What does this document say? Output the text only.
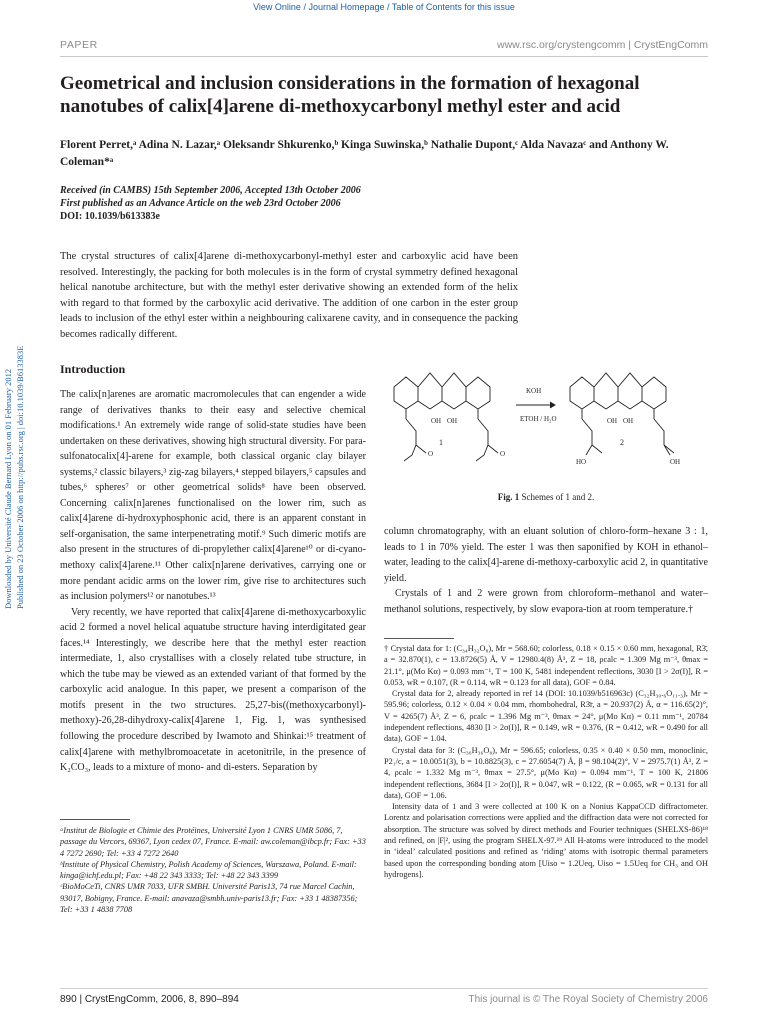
View Online / Journal Homepage / Table of Contents for this issue
PAPER	www.rsc.org/crystengcomm | CrystEngComm
Geometrical and inclusion considerations in the formation of hexagonal nanotubes of calix[4]arene di-methoxycarbonyl methyl ester and acid
Florent Perret,ᵃ Adina N. Lazar,ᵃ Oleksandr Shkurenko,ᵇ Kinga Suwinska,ᵇ Nathalie Dupont,ᶜ Alda Navazaᶜ and Anthony W. Coleman*ᵃ
Received (in CAMBS) 15th September 2006, Accepted 13th October 2006
First published as an Advance Article on the web 23rd October 2006
DOI: 10.1039/b613383e
The crystal structures of calix[4]arene di-methoxycarbonyl-methyl ester and carboxylic acid have been resolved. Interestingly, the packing for both molecules is in the form of crystal symmetry defined hexagonal helical nanotube architecture, but with the methyl ester derivative showing an extended form of the helix with regard to that formed by the carboxylic acid derivative. The addition of one carbon in the ester group leads to inclusion of the ethyl ester within a neighbouring calixarene cavity, and in consequence the packing becomes radically different.
Introduction

The calix[n]arenes are aromatic macromolecules that can engender a wide range of derivatives thanks to their easy and selective chemical modifications.¹ An extremely wide range of solid-state studies have been undertaken on these derivatives, showing high structural diversity. For para-sulfonatocalix[4]-arene for example, both classical organic clay bilayer systems,² classic bilayers,³ zig-zag bilayers,⁴ stepped bilayers,⁵ capsules and tubes,⁶ spheres⁷ or other geometrical solids⁸ have been observed. Concerning calix[n]arenes functionalised on the lower rim, such as calix[4]arene di-hydroxyphosphonic acid, there is an apparent constant in self-organisation, the same interpenetrating motif.⁹ Such dimeric motifs are also present in the structures of di-propylether calix[4]arene¹⁰ or di-cyano-methoxy calix[4]arene.¹¹ Other calix[n]arene derivatives, carrying one or more pendant acidic arms on the lower rim, give rise to architectures such as inclusion polymers¹² or nanotubes.¹³

Very recently, we have reported that calix[4]arene di-methoxycarboxylic acid 2 formed a novel helical aquatube structure having interdigitated gear faces.¹⁴ Interestingly, we describe here that the methyl ester reaction intermediate, 1, also crystallises with a closely related tube structure, in which the tube may be viewed as an extended variant of that formed by the carboxylic acid analogue. In this paper, we present a comparison of the motifs present in the two structures. 25,27-bis((methoxycarbonyl)-methoxy)-26,28-dihydroxy-calix[4]arene 1, Fig. 1, was synthesised following the procedure described by Iwamoto and Shinkai:¹⁵ treatment of calix[4]arene with methylbromoacetate in acetonitrile, in the presence of K₂CO₃, leads to a mixture of mono- and di-esters. Separation by

OH OH
1
O	O
KOH
ETOH / H₂O	OH OH
2
HO	OH
Fig. 1 Schemes of 1 and 2.

column chromatography, with an eluant solution of chloro-form–hexane 3 : 1, leads to 1 in 70% yield. The ester 1 was then saponified by KOH in ethanol–water, leading to the calix[4]-arene di-methoxy-carboxylic acid 2, in quantitative yield.

Crystals of 1 and 2 were grown from chloroform–methanol and water–methanol solutions, respectively, by slow evapora-tion at room temperature.†

† Crystal data for 1: (C₃₄H₃₂O₈), Mr = 568.60; colorless, 0.18 × 0.15 × 0.60 mm, hexagonal, R3̄, a = 32.870(1), c = 13.8726(5) Å, V = 12980.4(8) Å³, Z = 18, ρcalc = 1.309 Mg m⁻³, θmax = 21.1°, μ(Mo Kα) = 0.093 mm⁻¹, T = 100 K, 5481 independent reflections, 3030 [I > 2σ(I)], R = 0.053, wR = 0.107, (R = 0.114, wR = 0.123 for all data), GOF = 0.84.

Crystal data for 2, already reported in ref 14 (DOI: 10.1039/b516963c) (C₃₂H₃₀.₆O₁₁.₃), Mr = 595.96; colorless, 0.12 × 0.04 × 0.04 mm, rhombohedral, R3̄r, a = 20.937(2) Å, α = 116.65(2)°, V = 4265(7) Å³, Z = 6, ρcalc = 1.396 Mg m⁻³, θmax = 24°, μ(Mo Kα) = 0.11 mm⁻¹, 20784 independent reflections, 4830 [I > 2σ(I)], R = 0.149, wR = 0.376, (R = 0.412, wR = 0.490 for all data), GOF = 1.04.

Crystal data for 3: (C₃₆H₃₆O₈), Mr = 596.65; colorless, 0.35 × 0.40 × 0.50 mm, monoclinic, P2₁/c, a = 10.0051(3), b = 10.8825(3), c = 27.6054(7) Å, β = 98.104(2)°, V = 2975.7(1) Å³, Z = 4, ρcalc = 1.332 Mg m⁻³, θmax = 27.5°, μ(Mo Kα) = 0.094 mm⁻¹, T = 100 K, 21806 independent reflections, 3684 [I > 2σ(I)], R = 0.047, wR = 0.122, (R = 0.065, wR = 0.131 for all data), GOF = 1.06.

Intensity data of 1 and 3 were collected at 100 K on a Nonius KappaCCD diffractometer. Lorentz and polarisation corrections were applied and the diffraction data were not corrected for absorption. The structure was solved by direct methods and Fourier techniques (SHELXS-86)¹⁸ and refined, on |F|², using the program SHELX-97.¹⁹ All H-atoms were introduced to the model in ‘ideal’ calculated positions and refined as ‘riding’ atoms with isotropic thermal parameters based upon the corresponding bonding atom [Uiso = 1.2Ueq, Uiso = 1.5Ueq for CH₃ and OH hydrogens].

ᵃInstitut de Biologie et Chimie des Protéines, Université Lyon 1 CNRS UMR 5086, 7, passage du Vercors, 69367, Lyon cedex 07, France. E-mail: aw.coleman@ibcp.fr; Fax: +33 4 7272 2690; Tel: +33 4 7272 2640

ᵇInstitute of Physical Chemistry, Polish Academy of Sciences, Warszawa, Poland. E-mail: kinga@ichf.edu.pl; Fax: +48 22 343 3333; Tel: +48 22 343 3399

ᶜBioMoCeTi, CNRS UMR 7033, UFR SMBH. Université Paris13, 74 rue Marcel Cachin, 93017, Bobigny, France. E-mail: anavaza@smbh.univ-paris13.fr; Fax: +33 1 48387356; Tel: +33 1 4838 7708

Downloaded by Université Claude Bernard Lyon on 01 February 2012 Published on 23 October 2006 on http://pubs.rsc.org | doi:10.1039/B613383E
890 | CrystEngComm, 2006, 8, 890–894	This journal is © The Royal Society of Chemistry 2006
